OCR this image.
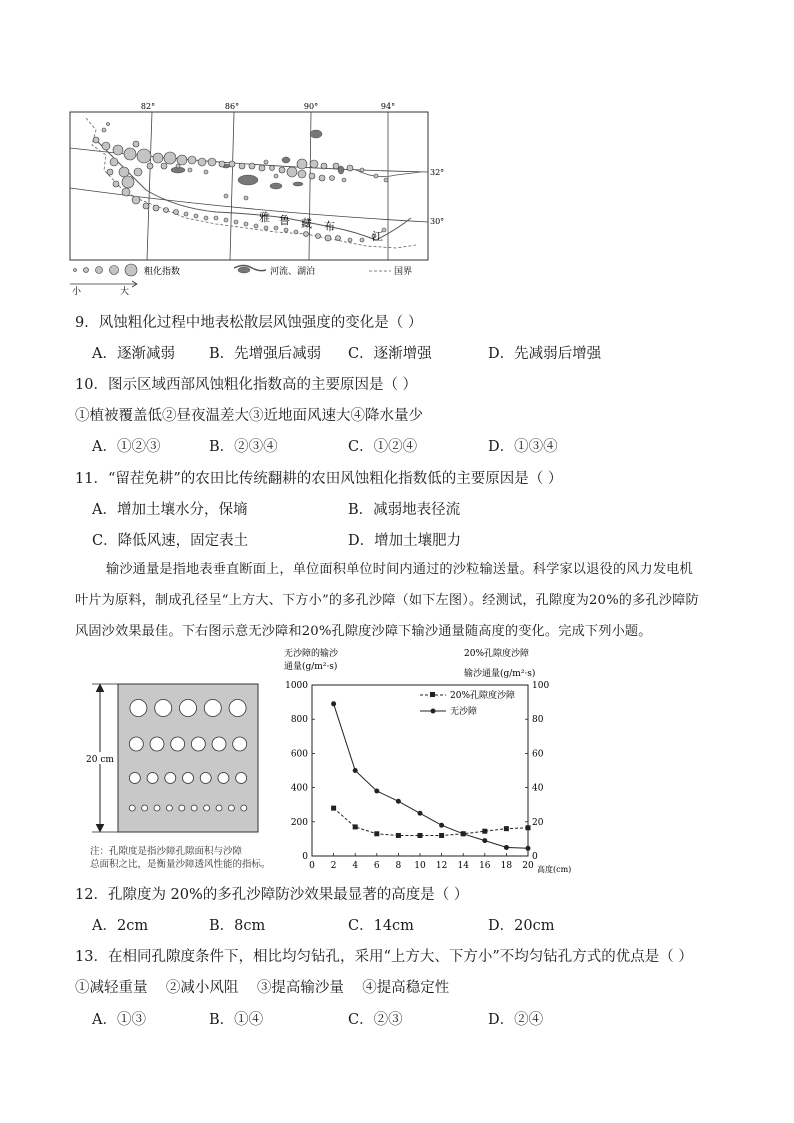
82°	86°	90°	94°
32°
30°
雅 鲁 藏 布
江
粗化指数	河流、湖泊	国界
小	大
9．风蚀粗化过程中地表松散层风蚀强度的变化是（ ）
A．逐渐减弱 B．先增强后减弱 C．逐渐增强	D．先减弱后增强
10．图示区域西部风蚀粗化指数高的主要原因是（ ）
①植被覆盖低②昼夜温差大③近地面风速大④降水量少
A．①②③	B．②③④	C．①②④	D．①③④
11．“留茬免耕”的农田比传统翻耕的农田风蚀粗化指数低的主要原因是（ ）
A．增加土壤水分，保墒	B．减弱地表径流
C．降低风速，固定表土	D．增加土壤肥力
输沙通量是指地表垂直断面上，单位面积单位时间内通过的沙粒输送量。科学家以退役的风力发电机
叶片为原料，制成孔径呈“上方大、下方小”的多孔沙障（如下左图）。经测试，孔隙度为20%的多孔沙障防
风固沙效果最佳。下右图示意无沙障和20%孔隙度沙障下输沙通量随高度的变化。完成下列小题。
20 cm
注：孔隙度是指沙障孔隙面积与沙障
总面积之比，是衡量沙障透风性能的指标。	0 2 4 6 8 10 12 14 16 18 20
0
200
400
600
800
1000
0
20
40
60
80
100
无沙障的输沙
通量(g/m²·s)
20%孔隙度沙障
输沙通量(g/m²·s)
高度(cm)
20%孔隙度沙障
无沙障
12．孔隙度为 20%的多孔沙障防沙效果最显著的高度是（ ）
A．2cm	B．8cm	C．14cm	D．20cm
13．在相同孔隙度条件下，相比均匀钻孔，采用“上方大、下方小”不均匀钻孔方式的优点是（ ）
①减轻重量    ②减小风阻    ③提高输沙量    ④提高稳定性
A．①③	B．①④	C．②③	D．②④
